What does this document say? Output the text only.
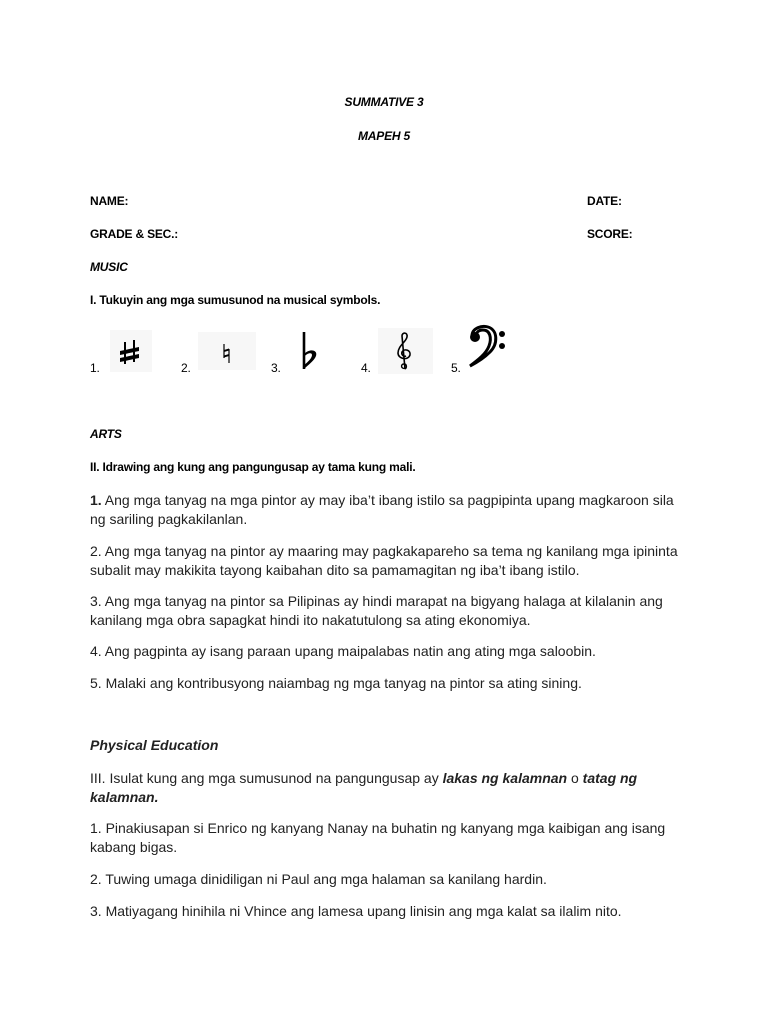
SUMMATIVE 3
MAPEH 5
NAME:	DATE:
GRADE & SEC.:	SCORE:
MUSIC
I. Tukuyin ang mga sumusunod na musical symbols.
1.	2.	3.	4.	5.
ARTS
II. Idrawing ang kung ang pangungusap ay tama kung mali.
1. Ang mga tanyag na mga pintor ay may iba’t ibang istilo sa pagpipinta upang magkaroon sila ng sariling pagkakilanlan.
2. Ang mga tanyag na pintor ay maaring may pagkakapareho sa tema ng kanilang mga ipininta subalit may makikita tayong kaibahan dito sa pamamagitan ng iba’t ibang istilo.
3. Ang mga tanyag na pintor sa Pilipinas ay hindi marapat na bigyang halaga at kilalanin ang kanilang mga obra sapagkat hindi ito nakatutulong sa ating ekonomiya.
4. Ang pagpinta ay isang paraan upang maipalabas natin ang ating mga saloobin.
5. Malaki ang kontribusyong naiambag ng mga tanyag na pintor sa ating sining.
Physical Education
III. Isulat kung ang mga sumusunod na pangungusap ay lakas ng kalamnan o tatag ng kalamnan.
1. Pinakiusapan si Enrico ng kanyang Nanay na buhatin ng kanyang mga kaibigan ang isang kabang bigas.
2. Tuwing umaga dinidiligan ni Paul ang mga halaman sa kanilang hardin.
3. Matiyagang hinihila ni Vhince ang lamesa upang linisin ang mga kalat sa ilalim nito.
